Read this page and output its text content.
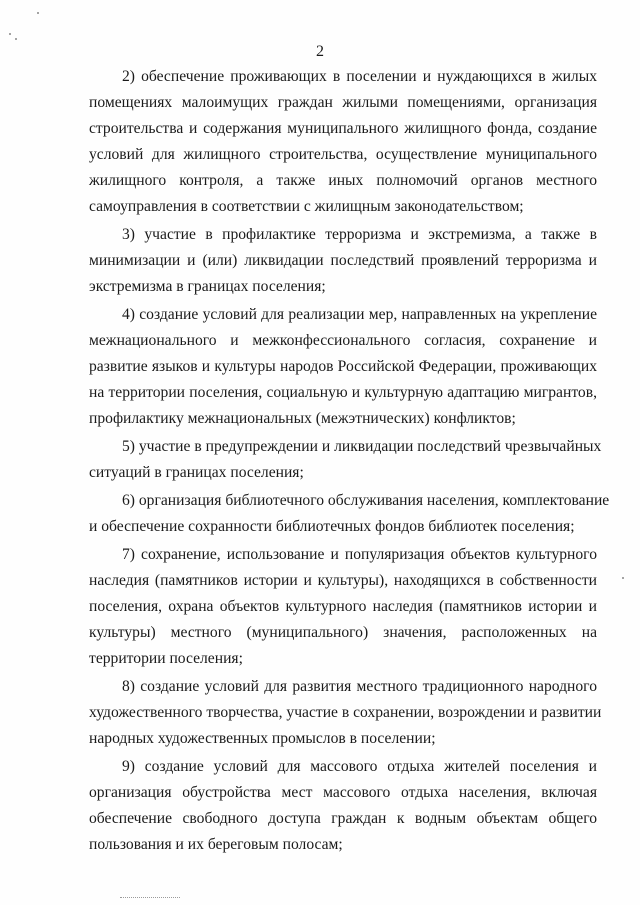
2

2) обеспечение проживающих в поселении и нуждающихся в жилых
помещениях малоимущих граждан жилыми помещениями, организация
строительства и содержания муниципального жилищного фонда, создание
условий для жилищного строительства, осуществление муниципального
жилищного контроля, а также иных полномочий органов местного
самоуправления в соответствии с жилищным законодательством;

3) участие в профилактике терроризма и экстремизма, а также в
минимизации и (или) ликвидации последствий проявлений терроризма и
экстремизма в границах поселения;

4) создание условий для реализации мер, направленных на укрепление
межнационального и межконфессионального согласия, сохранение и
развитие языков и культуры народов Российской Федерации, проживающих
на территории поселения, социальную и культурную адаптацию мигрантов,
профилактику межнациональных (межэтнических) конфликтов;

5) участие в предупреждении и ликвидации последствий чрезвычайных
ситуаций в границах поселения;

6) организация библиотечного обслуживания населения, комплектование
и обеспечение сохранности библиотечных фондов библиотек поселения;

7) сохранение, использование и популяризация объектов культурного
наследия (памятников истории и культуры), находящихся в собственности
поселения, охрана объектов культурного наследия (памятников истории и
культуры) местного (муниципального) значения, расположенных на
территории поселения;

8) создание условий для развития местного традиционного народного
художественного творчества, участие в сохранении, возрождении и развитии
народных художественных промыслов в поселении;

9) создание условий для массового отдыха жителей поселения и
организация обустройства мест массового отдыха населения, включая
обеспечение свободного доступа граждан к водным объектам общего
пользования и их береговым полосам;
